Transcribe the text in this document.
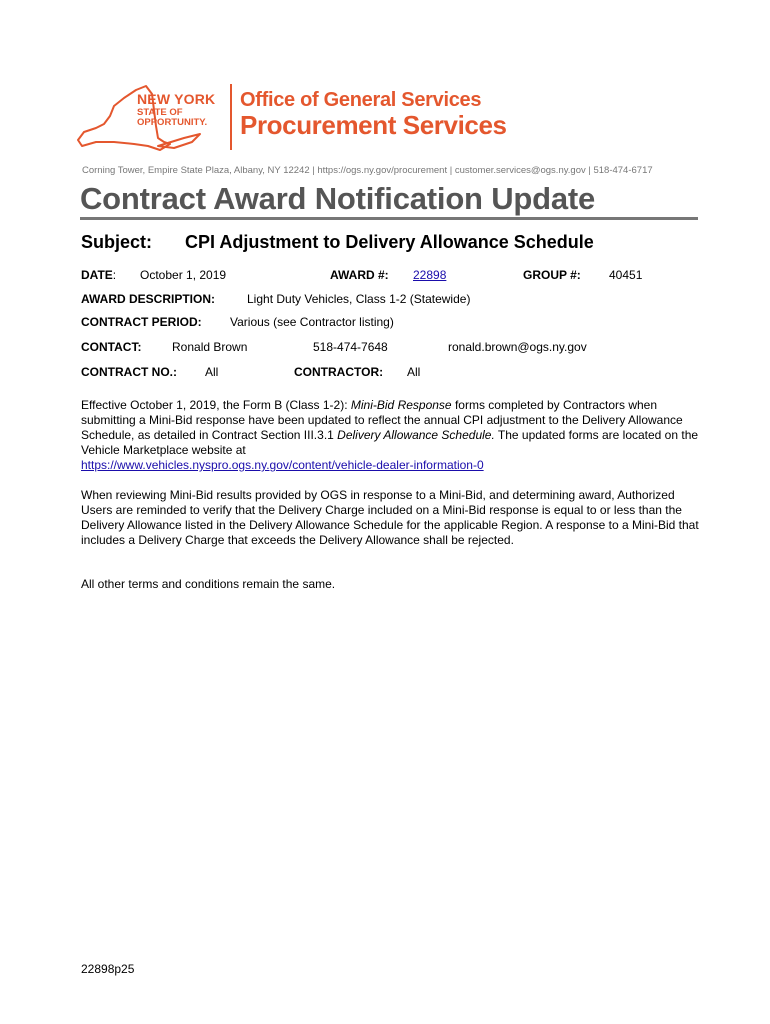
NEW YORK
STATE OF
OPPORTUNITY.
Office of General Services
Procurement Services
Corning Tower, Empire State Plaza, Albany, NY 12242 | https://ogs.ny.gov/procurement | customer.services@ogs.ny.gov | 518-474-6717
Contract Award Notification Update
Subject: CPI Adjustment to Delivery Allowance Schedule
DATE: October 1, 2019	AWARD #: 22898	GROUP #: 40451
AWARD DESCRIPTION:	Light Duty Vehicles, Class 1-2 (Statewide)
CONTRACT PERIOD: Various (see Contractor listing)
CONTACT:	Ronald Brown	518-474-7648	ronald.brown@ogs.ny.gov
CONTRACT NO.: All	CONTRACTOR: All

Effective October 1, 2019, the Form B (Class 1-2): Mini-Bid Response forms completed by Contractors when submitting a Mini-Bid response have been updated to reflect the annual CPI adjustment to the Delivery Allowance Schedule, as detailed in Contract Section III.3.1 Delivery Allowance Schedule. The updated forms are located on the Vehicle Marketplace website at
https://www.vehicles.nyspro.ogs.ny.gov/content/vehicle-dealer-information-0

When reviewing Mini-Bid results provided by OGS in response to a Mini-Bid, and determining award, Authorized Users are reminded to verify that the Delivery Charge included on a Mini-Bid response is equal to or less than the Delivery Allowance listed in the Delivery Allowance Schedule for the applicable Region. A response to a Mini-Bid that includes a Delivery Charge that exceeds the Delivery Allowance shall be rejected.

All other terms and conditions remain the same.

22898p25
